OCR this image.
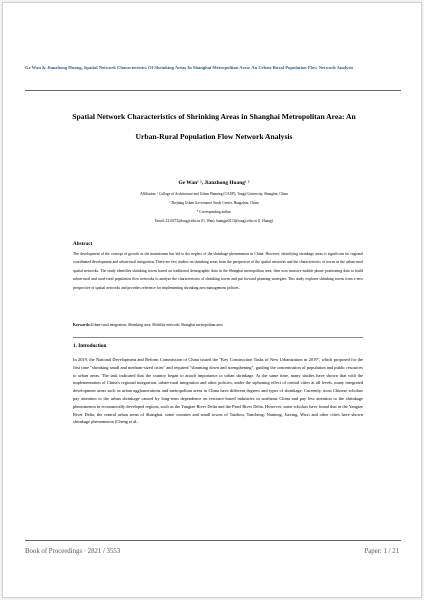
Ge Wan & Jianzhong Huang, Spatial Network Characteristics Of Shrinking Areas In Shanghai Metropolitan Area: An Urban-Rural Population Flow Network Analysis
Spatial Network Characteristics of Shrinking Areas in Shanghai Metropolitan Area: An Urban-Rural Population Flow Network Analysis
Ge Wan¹ ², Jianzhong Huang¹ ²
Affiliation: ¹ College of Architecture and Urban Planning (CAUP), Tongji University, Shanghai, China
² Zhejiang Urban Governance Study Center, Hangzhou, China
* Corresponding author.
Email: 2210273@tongji.edu.cn (G. Wan); huangjz0213@tongji.edu.cn (J. Huang)
Abstract
The development of the concept of growth as the mainstream has led to the neglect of the shrinkage phenomenon in China. However, identifying shrinkage areas is significant for regional coordinated development and urban-rural integration. There are few studies on shrinking areas from the perspective of the spatial networks and the characteristics of towns in the urban-rural spatial networks. The study identifies shrinking towns based on traditional demographic data in the Shanghai metropolitan area, then uses massive mobile phone positioning data to build urban-rural and rural-rural population flow networks to analyze the characteristics of shrinking towns and put forward planning strategies. This study explores shrinking towns from a new perspective of spatial networks and provides reference for implementing shrinking area management policies.
Keywords:Urban-rural integration; Shrinking area; Mobility network; Shanghai metropolitan area
1. Introduction
In 2019, the National Development and Reform Commission of China issued the "Key Construction Tasks of New Urbanization in 2019", which proposed for the first time "shrinking small and medium-sized cities" and required "slimming down and strengthening", guiding the concentration of population and public resources to urban areas. The task indicated that the country began to attach importance to urban shrinkage. At the same time, many studies have shown that with the implementation of China's regional integration, urban-rural integration and other policies, under the siphoning effect of central cities at all levels, many integrated development areas such as urban agglomerations and metropolitan areas in China have different degrees and types of shrinkage. Currently, most Chinese scholars pay attention to the urban shrinkage caused by long-term dependence on resource-based industries in northeast China and pay less attention to the shrinkage phenomenon in economically developed regions, such as the Yangtze River Delta and the Pearl River Delta. However, some scholars have found that in the Yangtze River Delta, the central urban areas of Shanghai, some counties and small towns of Taizhou, Yancheng, Nantong, Jiaxing, Wuxi and other cities have shown shrinkage phenomenon (Cheng et al.,
Book of Proceedings · 2821 / 3553	Paper: 1 / 21
